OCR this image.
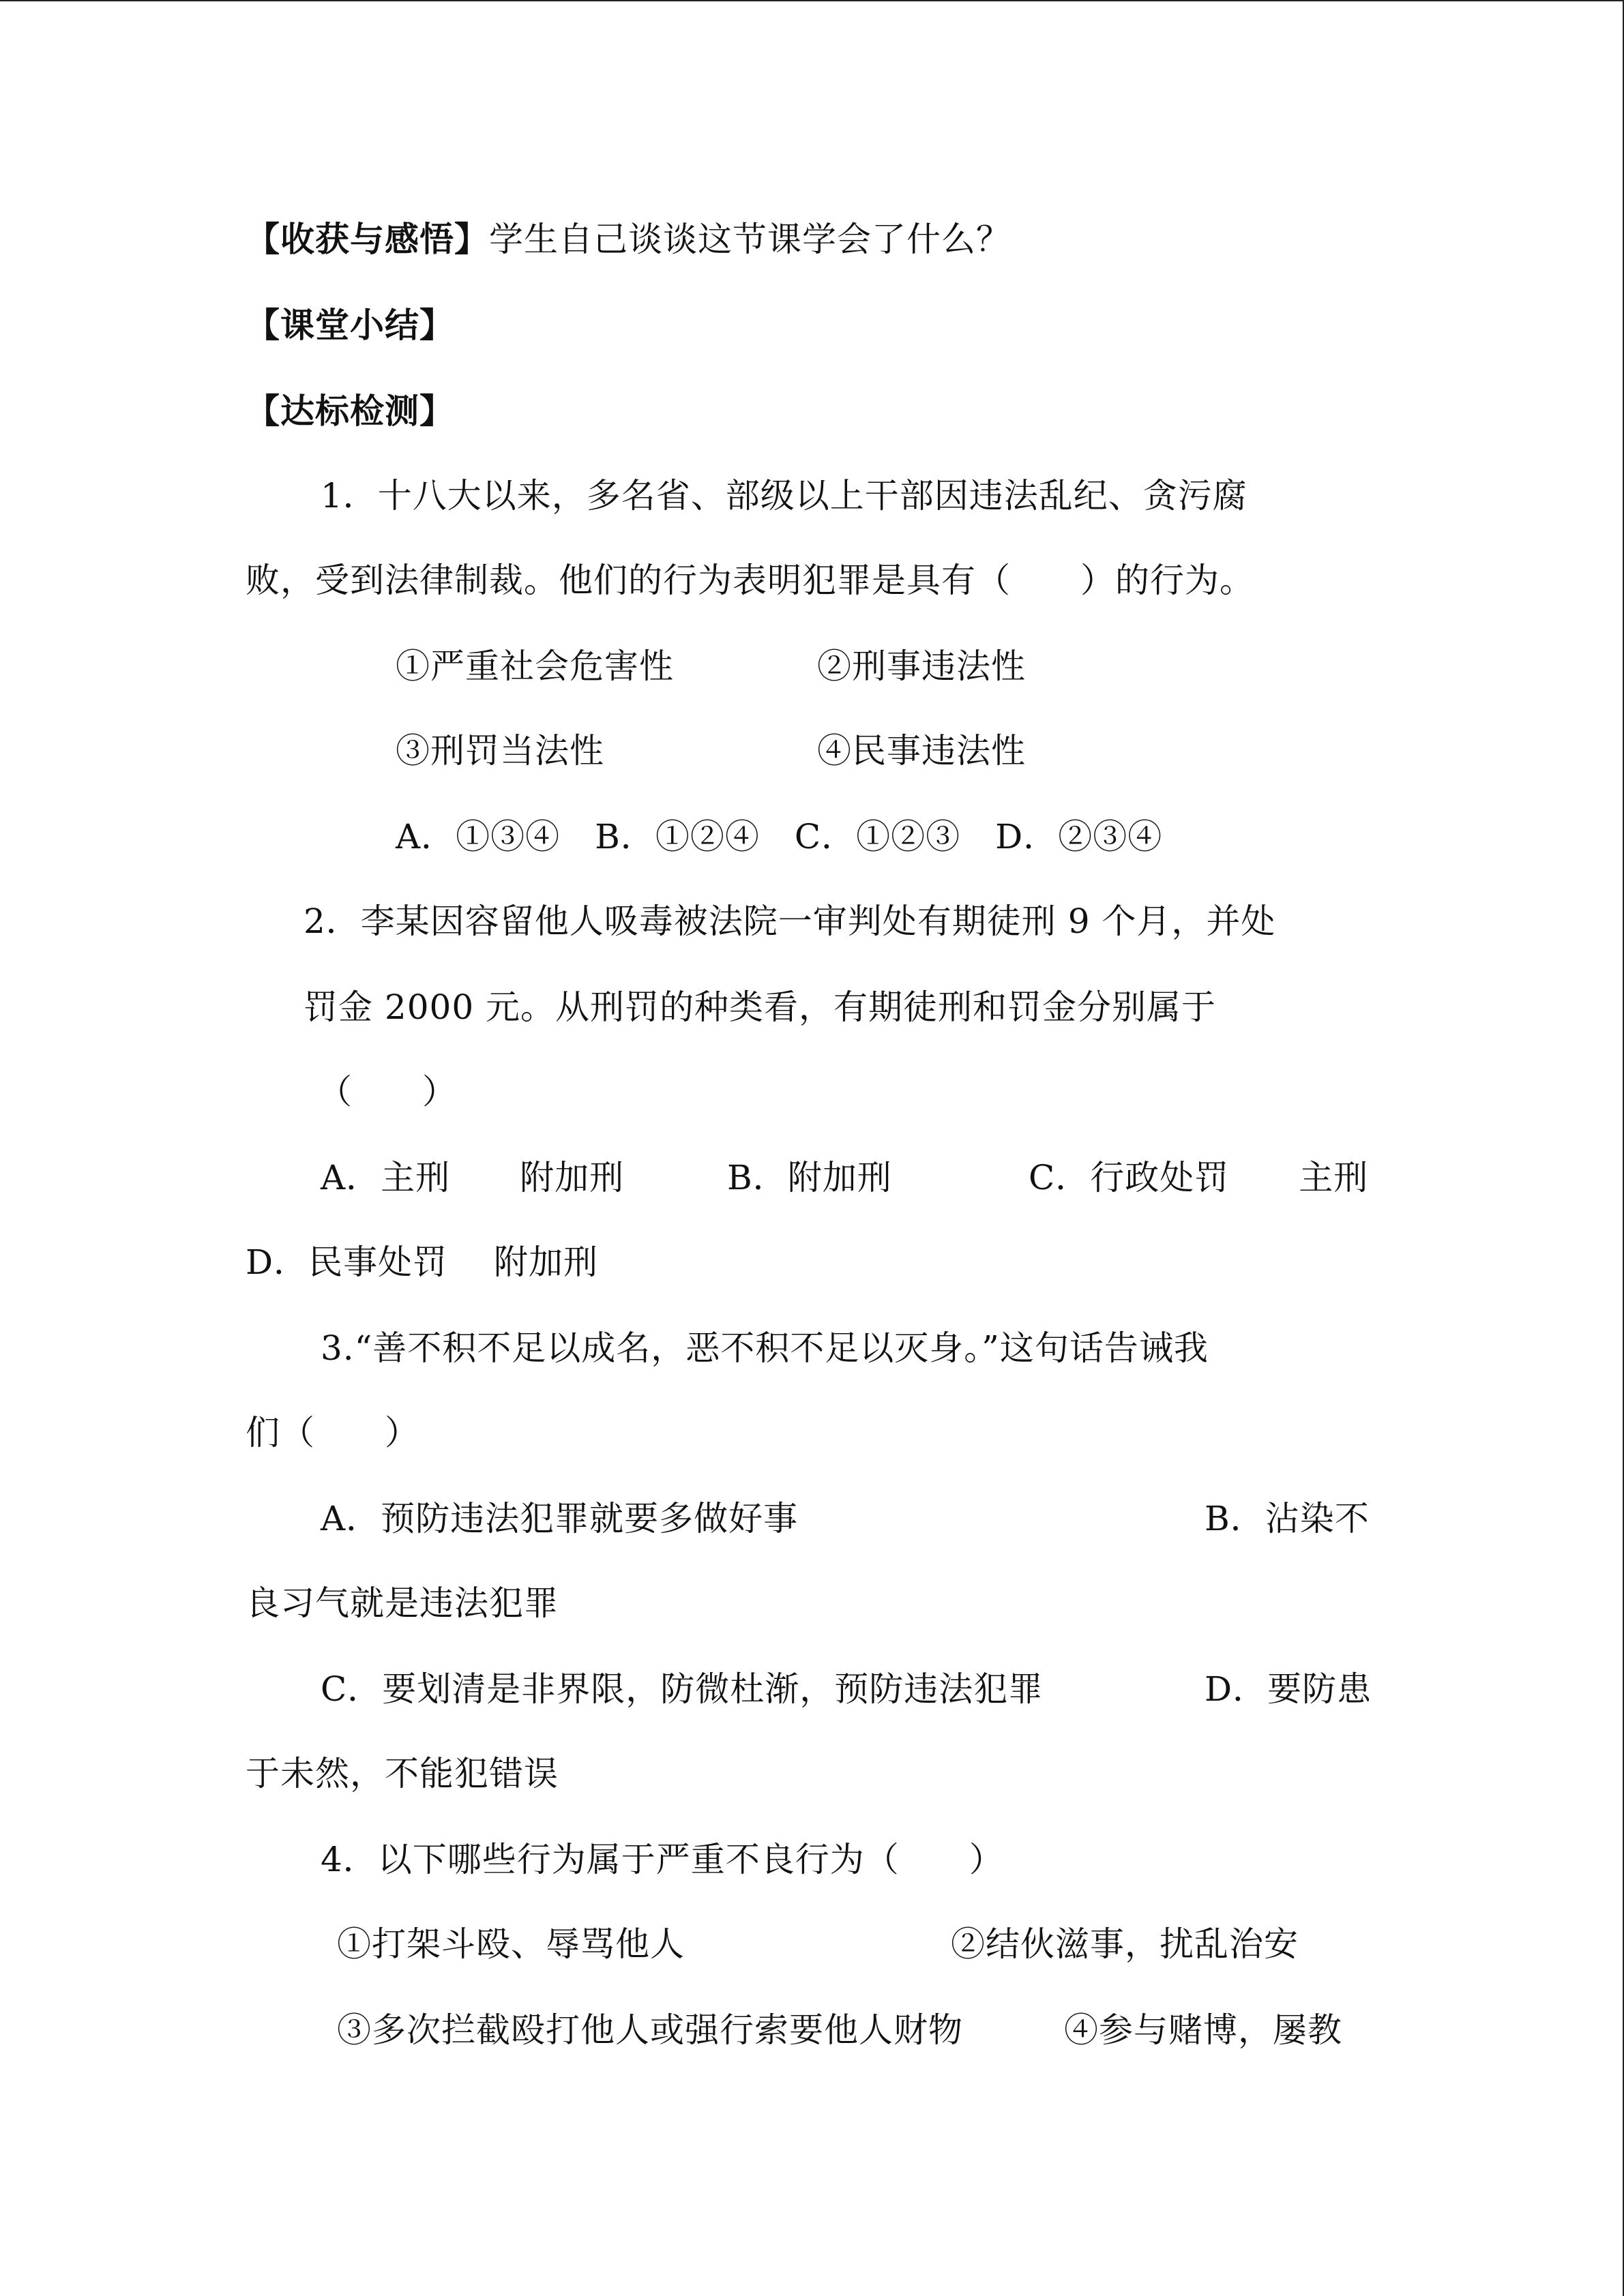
【收获与感悟】学生自己谈谈这节课学会了什么？

【课堂小结】

【达标检测】

1．十八大以来，多名省、部级以上干部因违法乱纪、贪污腐

败，受到法律制裁。他们的行为表明犯罪是具有（　　）的行为。

①严重社会危害性	②刑事违法性

③刑罚当法性	④民事违法性

A．①③④　B．①②④　C．①②③　D．②③④

2．李某因容留他人吸毒被法院一审判处有期徒刑 9 个月，并处

罚金 2000 元。从刑罚的种类看，有期徒刑和罚金分别属于

（　　）

A．主刑　　附加刑	B．附加刑	C．行政处罚　　主刑

D．民事处罚　 附加刑

3.“善不积不足以成名，恶不积不足以灭身。”这句话告诫我

们（　　）

A．预防违法犯罪就要多做好事	B．沾染不

良习气就是违法犯罪

C．要划清是非界限，防微杜渐，预防违法犯罪	D．要防患

于未然，不能犯错误

4．以下哪些行为属于严重不良行为（　　）

①打架斗殴、辱骂他人	②结伙滋事，扰乱治安

③多次拦截殴打他人或强行索要他人财物	④参与赌博，屡教
